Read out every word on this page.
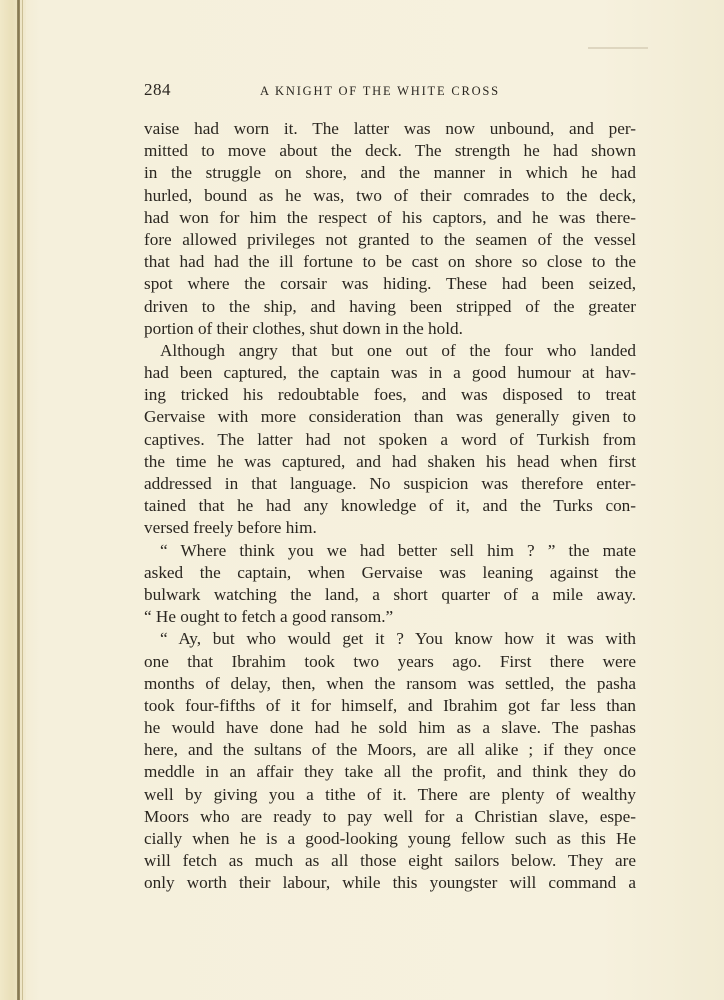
284	A KNIGHT OF THE WHITE CROSS
vaise had worn it. The latter was now unbound, and per-
mitted to move about the deck. The strength he had shown
in the struggle on shore, and the manner in which he had
hurled, bound as he was, two of their comrades to the deck,
had won for him the respect of his captors, and he was there-
fore allowed privileges not granted to the seamen of the vessel
that had had the ill fortune to be cast on shore so close to the
spot where the corsair was hiding. These had been seized,
driven to the ship, and having been stripped of the greater
portion of their clothes, shut down in the hold.
Although angry that but one out of the four who landed
had been captured, the captain was in a good humour at hav-
ing tricked his redoubtable foes, and was disposed to treat
Gervaise with more consideration than was generally given to
captives. The latter had not spoken a word of Turkish from
the time he was captured, and had shaken his head when first
addressed in that language. No suspicion was therefore enter-
tained that he had any knowledge of it, and the Turks con-
versed freely before him.
“ Where think you we had better sell him ? ” the mate
asked the captain, when Gervaise was leaning against the
bulwark watching the land, a short quarter of a mile away.
“ He ought to fetch a good ransom.”
“ Ay, but who would get it ? You know how it was with
one that Ibrahim took two years ago. First there were
months of delay, then, when the ransom was settled, the pasha
took four-fifths of it for himself, and Ibrahim got far less than
he would have done had he sold him as a slave. The pashas
here, and the sultans of the Moors, are all alike ; if they once
meddle in an affair they take all the profit, and think they do
well by giving you a tithe of it. There are plenty of wealthy
Moors who are ready to pay well for a Christian slave, espe-
cially when he is a good-looking young fellow such as this He
will fetch as much as all those eight sailors below. They are
only worth their labour, while this youngster will command a
